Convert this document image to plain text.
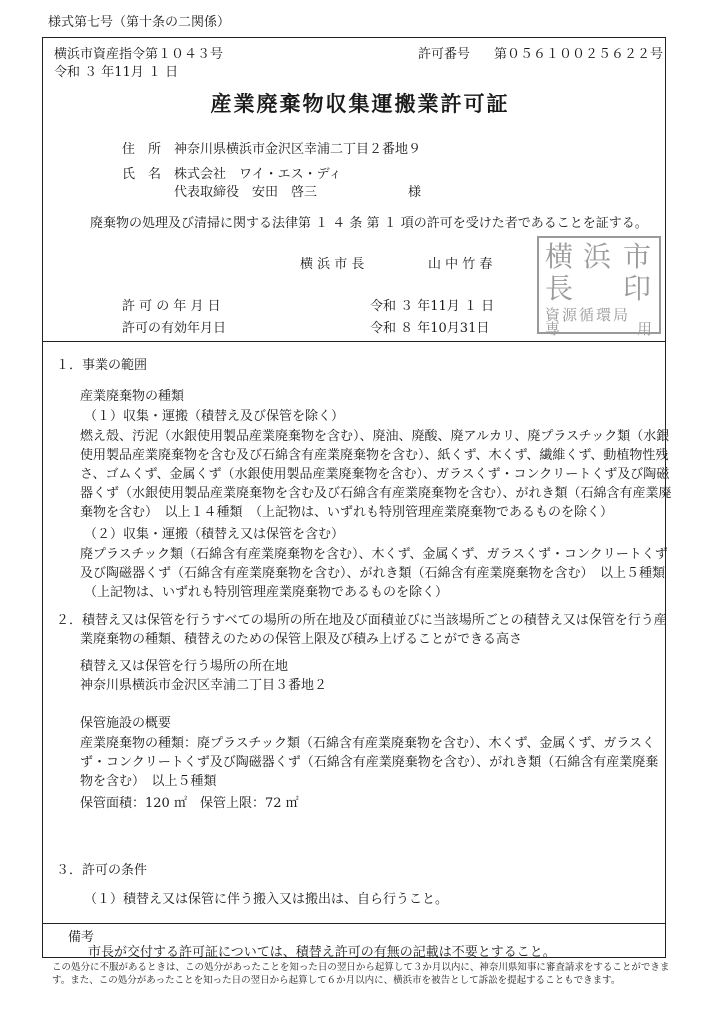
様式第七号（第十条の二関係）
横浜市資産指令第１０４３号
令和 ３ 年11月 １ 日
許可番号 第０５６１００２５６２２号
産業廃棄物収集運搬業許可証
住　所 神奈川県横浜市金沢区幸浦二丁目２番地９
氏　名 株式会社　ワイ・エス・ディ
代表取締役　安田　啓三	様
廃棄物の処理及び清掃に関する法律第 １ ４ 条 第 １ 項の許可を受けた者であることを証する。
横 浜 市 長	山 中 竹 春 横 浜 市
長 印
資源循環局
専	用
許 可 の 年 月 日	令和 ３ 年11月 １ 日
許可の有効年月日	令和 ８ 年10月31日
１．事業の範囲
産業廃棄物の種類
（１）収集・運搬（積替え及び保管を除く）
燃え殻、汚泥（水銀使用製品産業廃棄物を含む）、廃油、廃酸、廃アルカリ、廃プラスチック類（水銀
使用製品産業廃棄物を含む及び石綿含有産業廃棄物を含む）、紙くず、木くず、繊維くず、動植物性残
さ、ゴムくず、金属くず（水銀使用製品産業廃棄物を含む）、ガラスくず・コンクリートくず及び陶磁
器くず（水銀使用製品産業廃棄物を含む及び石綿含有産業廃棄物を含む）、がれき類（石綿含有産業廃
棄物を含む）　以上１４種類　（上記物は、いずれも特別管理産業廃棄物であるものを除く）
（２）収集・運搬（積替え又は保管を含む）
廃プラスチック類（石綿含有産業廃棄物を含む）、木くず、金属くず、ガラスくず・コンクリートくず
及び陶磁器くず（石綿含有産業廃棄物を含む）、がれき類（石綿含有産業廃棄物を含む）　以上５種類
（上記物は、いずれも特別管理産業廃棄物であるものを除く）
２．積替え又は保管を行うすべての場所の所在地及び面積並びに当該場所ごとの積替え又は保管を行う産
業廃棄物の種類、積替えのための保管上限及び積み上げることができる高さ
積替え又は保管を行う場所の所在地
神奈川県横浜市金沢区幸浦二丁目３番地２
保管施設の概要
産業廃棄物の種類：廃プラスチック類（石綿含有産業廃棄物を含む）、木くず、金属くず、ガラスく
ず・コンクリートくず及び陶磁器くず（石綿含有産業廃棄物を含む）、がれき類（石綿含有産業廃棄
物を含む）　以上５種類
保管面積：120 ㎡　保管上限：72 ㎡
３．許可の条件
（１）積替え又は保管に伴う搬入又は搬出は、自ら行うこと。
備考
市長が交付する許可証については、積替え許可の有無の記載は不要とすること。
この処分に不服があるときは、この処分があったことを知った日の翌日から起算して３か月以内に、神奈川県知事に審査請求をすることができます。また、この処分があったことを知った日の翌日から起算して６か月以内に、横浜市を被告として訴訟を提起することもできます。
